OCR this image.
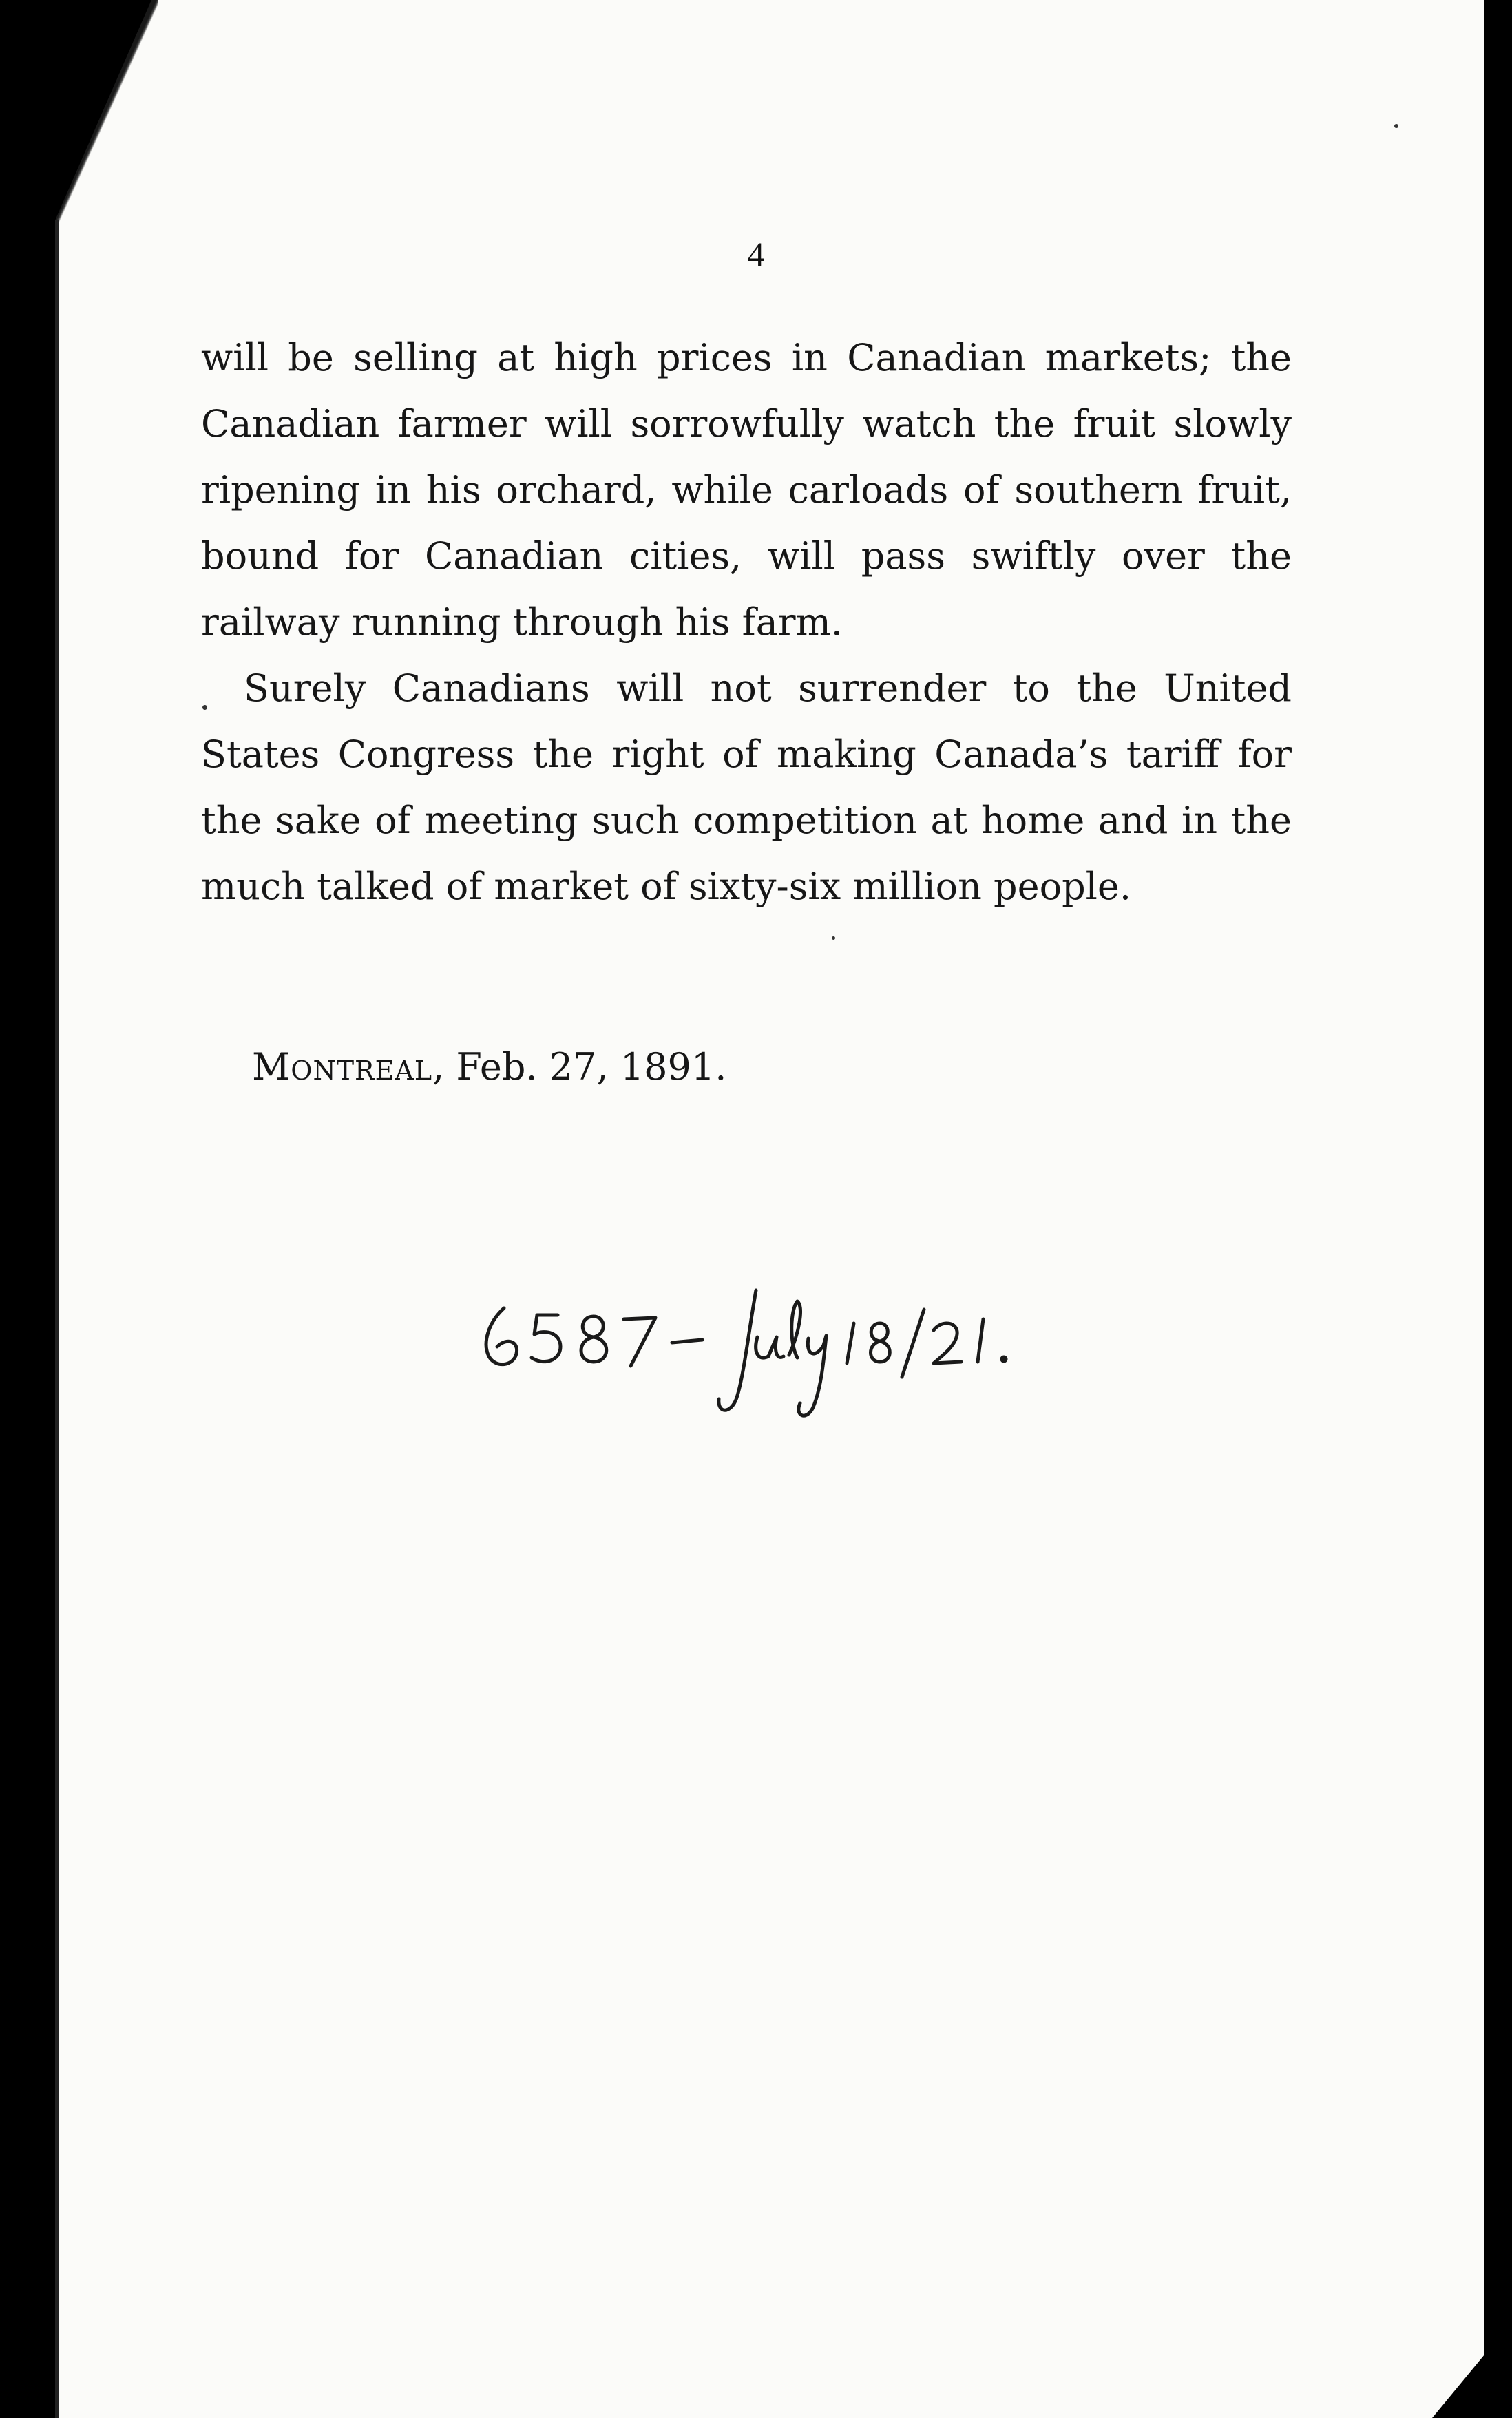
4

will be selling at high prices in Canadian markets; the Canadian farmer will sorrowfully watch the fruit slowly ripening in his orchard, while carloads of southern fruit, bound for Canadian cities, will pass swiftly over the railway running through his farm.

Surely Canadians will not surrender to the United States Congress the right of making Canada’s tariff for the sake of meeting such competition at home and in the much talked of market of sixty-six million people.

Montreal, Feb. 27, 1891.
